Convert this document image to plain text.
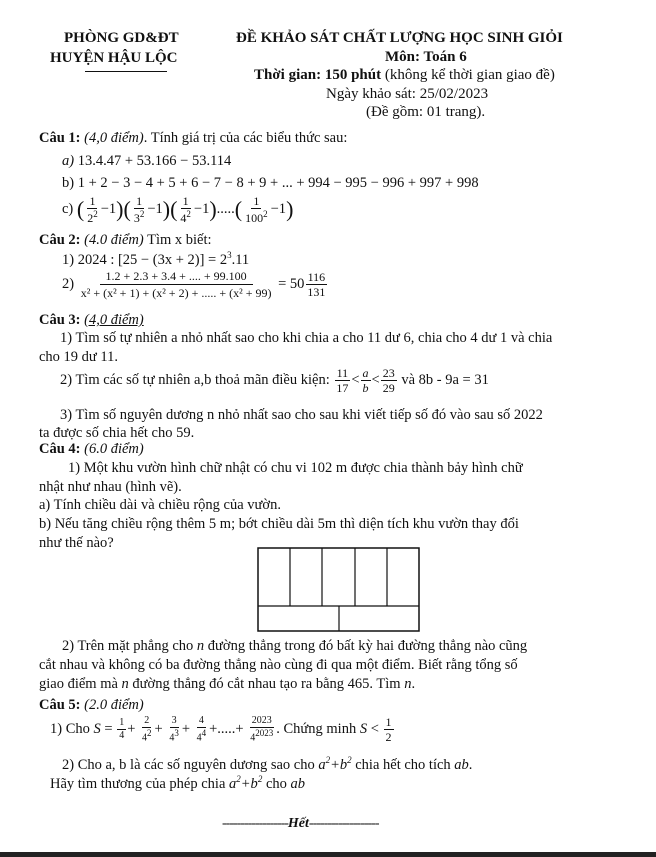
PHÒNG GD&ĐT
HUYỆN HẬU LỘC
ĐỀ KHẢO SÁT CHẤT LƯỢNG HỌC SINH GIỎI
Môn: Toán 6
Thời gian: 150 phút (không kể thời gian giao đề)
Ngày khảo sát: 25/02/2023
(Đề gồm: 01 trang).
Câu 1: (4,0 điểm). Tính giá trị của các biểu thức sau:
a) 13.4.47 + 53.166 − 53.114
b) 1 + 2 − 3 − 4 + 5 + 6 − 7 − 8 + 9 + ... + 994 − 995 − 996 + 997 + 998
c) ( $\frac{1}{2^2} -1)( \frac{1}{3^2} -1)( \frac{1}{4^2} -1).....( \frac{1}{100^2} -1)$
Câu 2: (4.0 điểm) Tìm x biết:
1) 2024 : $[25 - (3x + 2)] = 2^3.11$
$2) \frac{1.2 + 2.3 + 3.4 + .... + 99.100}{\text{x² + (x² + 1) + (x² + 2) + ..... + (x² + 99)}} = 50 \frac{116}{131}$
Câu 3: (4,0 điểm)
1) Tìm số tự nhiên a nhỏ nhất sao cho khi chia a cho 11 dư 6, chia cho 4 dư 1 và chia
cho 19 dư 11.
2) Tìm các số tự nhiên a,b thoả mãn điều kiện: $\frac{11}{17} < \frac{a}{b} < \frac{23}{29}$ và 8b - 9a = 31
3) Tìm số nguyên dương n nhỏ nhất sao cho sau khi viết tiếp số đó vào sau số 2022
ta được số chia hết cho 59.
Câu 4: (6.0 điểm)
1) Một khu vườn hình chữ nhật có chu vi 102 m được chia thành bảy hình chữ
nhật như nhau (hình vẽ).
a) Tính chiều dài và chiều rộng của vườn.
b) Nếu tăng chiều rộng thêm 5 m; bớt chiều dài 5m thì diện tích khu vườn thay đổi
như thế nào?
2) Trên mặt phẳng cho n đường thẳng trong đó bất kỳ hai đường thẳng nào cũng
cắt nhau và không có ba đường thẳng nào cùng đi qua một điểm. Biết rằng tổng số
giao điểm mà n đường thẳng đó cắt nhau tạo ra bằng 465. Tìm n.
Câu 5: (2.0 điểm)
1) Cho $S = \frac{1}{4} + \frac{2}{4^2} + \frac{3}{4^3} + \frac{4}{4^4}$ +.....+ $\frac{2023}{4^{2023}}$ . Chứng minh $S < \frac{1}{2}$
2) Cho a, b là các số nguyên dương sao cho $a^2+b^2$ chia hết cho tích ab.
Hãy tìm thương của phép chia $a^2+b^2$ cho ab
------------------Hết-------------------
